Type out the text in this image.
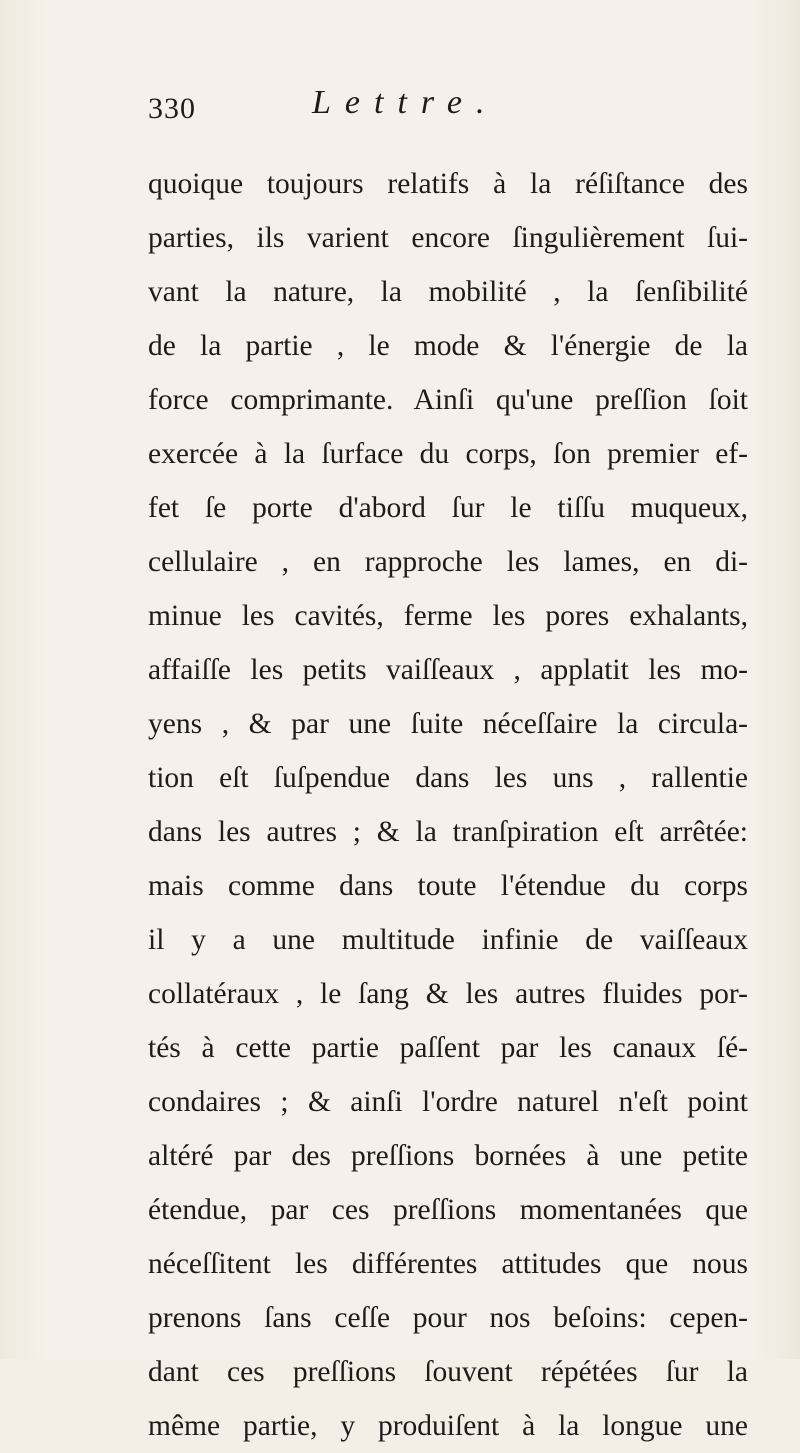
330	Lettre.
quoique toujours relatifs à la réſiſtance des
parties, ils varient encore ſingulièrement ſui-
vant la nature, la mobilité , la ſenſibilité
de la partie , le mode & l'énergie de la
force comprimante. Ainſi qu'une preſſion ſoit
exercée à la ſurface du corps, ſon premier ef-
fet ſe porte d'abord ſur le tiſſu muqueux,
cellulaire , en rapproche les lames, en di-
minue les cavités, ferme les pores exhalants,
affaiſſe les petits vaiſſeaux , applatit les mo-
yens , & par une ſuite néceſſaire la circula-
tion eſt ſuſpendue dans les uns , rallentie
dans les autres ; & la tranſpiration eſt arrêtée:
mais comme dans toute l'étendue du corps
il y a une multitude infinie de vaiſſeaux
collatéraux , le ſang & les autres fluides por-
tés à cette partie paſſent par les canaux ſé-
condaires ; & ainſi l'ordre naturel n'eſt point
altéré par des preſſions bornées à une petite
étendue, par ces preſſions momentanées que
néceſſitent les différentes attitudes que nous
prenons ſans ceſſe pour nos beſoins: cepen-
dant ces preſſions ſouvent répétées ſur la
même partie, y produiſent à la longue une
